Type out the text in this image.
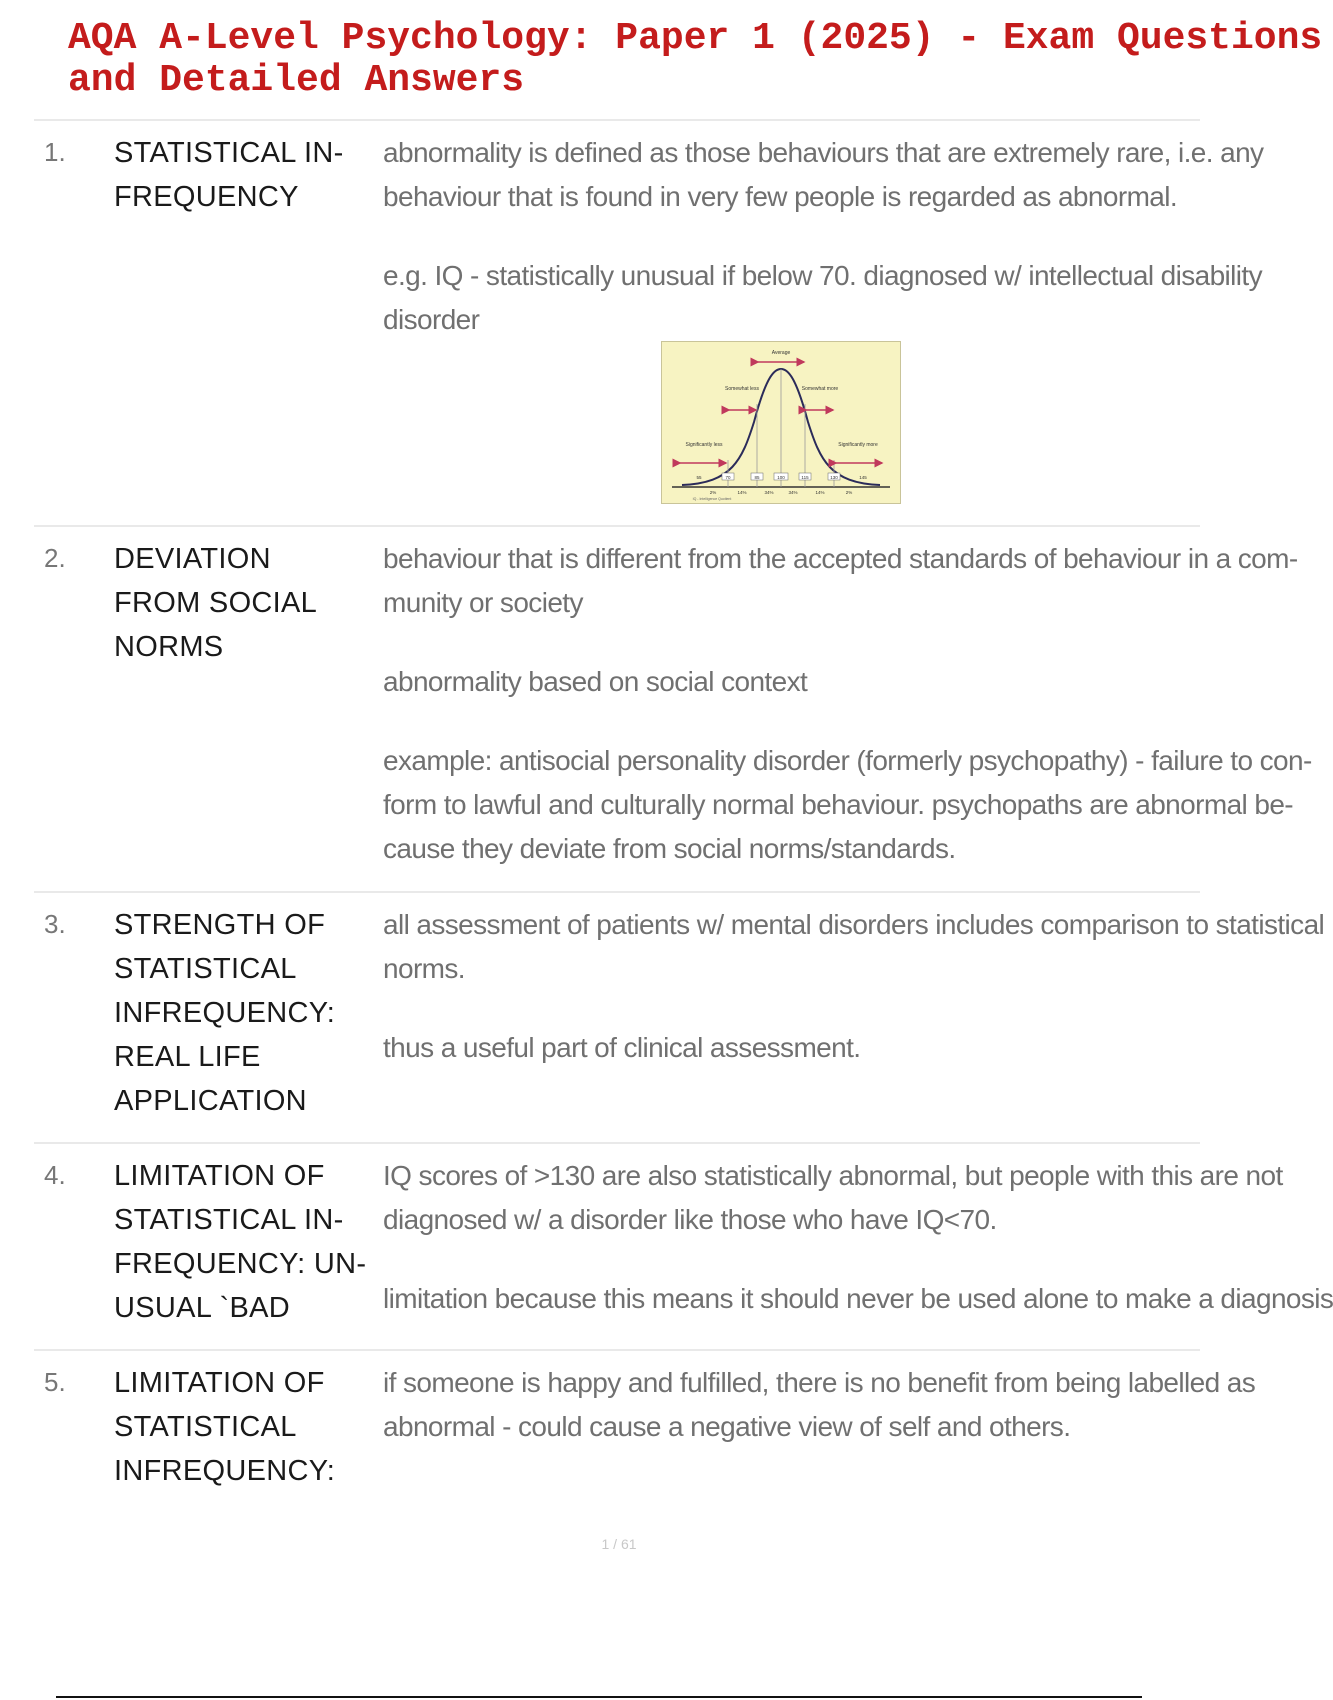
AQA A-Level Psychology: Paper 1 (2025) - Exam Questions
and Detailed Answers
1. STATISTICAL IN-
FREQUENCY

abnormality is defined as those behaviours that are extremely rare, i.e. any
behaviour that is found in very few people is regarded as abnormal.

e.g. IQ - statistically unusual if below 70. diagnosed w/ intellectual disability
disorder

Average
Somewhat less	Somewhat more
Significantly less	Significantly more
55	70	85	100	115	130	145
2%	14%	34%	34%	14%	2%
IQ - Intelligence Quotient
2. DEVIATION
FROM SOCIAL
NORMS

behaviour that is different from the accepted standards of behaviour in a com-
munity or society

abnormality based on social context

example: antisocial personality disorder (formerly psychopathy) - failure to con-
form to lawful and culturally normal behaviour. psychopaths are abnormal be-
cause they deviate from social norms/standards.

3. STRENGTH OF
STATISTICAL
INFREQUENCY:
REAL LIFE
APPLICATION

all assessment of patients w/ mental disorders includes comparison to statistical
norms.

thus a useful part of clinical assessment.

4. LIMITATION OF
STATISTICAL IN-
FREQUENCY: UN-
USUAL `BAD

IQ scores of >130 are also statistically abnormal, but people with this are not
diagnosed w/ a disorder like those who have IQ<70.

limitation because this means it should never be used alone to make a diagnosis

5. LIMITATION OF
STATISTICAL
INFREQUENCY:

if someone is happy and fulfilled, there is no benefit from being labelled as
abnormal - could cause a negative view of self and others.

1 / 61
